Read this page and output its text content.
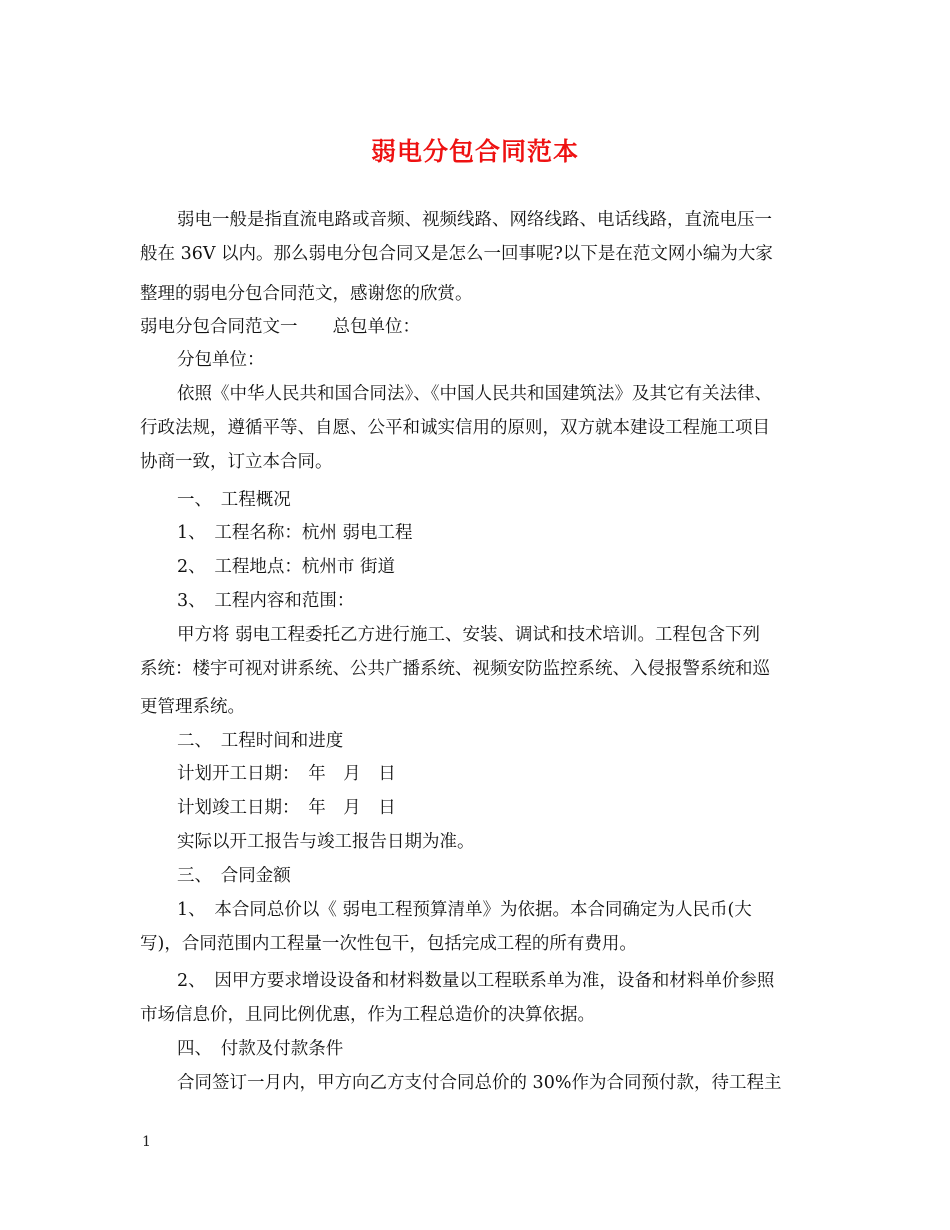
弱电分包合同范本
弱电一般是指直流电路或音频、视频线路、网络线路、电话线路，直流电压一
般在 36V 以内。那么弱电分包合同又是怎么一回事呢?以下是在范文网小编为大家
整理的弱电分包合同范文，感谢您的欣赏。
弱电分包合同范文一　　总包单位：
分包单位：
依照《中华人民共和国合同法》、《中国人民共和国建筑法》及其它有关法律、
行政法规，遵循平等、自愿、公平和诚实信用的原则，双方就本建设工程施工项目
协商一致，订立本合同。
一、　工程概况
1、　工程名称：杭州 弱电工程
2、　工程地点：杭州市 街道
3、　工程内容和范围：
甲方将 弱电工程委托乙方进行施工、安装、调试和技术培训。工程包含下列
系统：楼宇可视对讲系统、公共广播系统、视频安防监控系统、入侵报警系统和巡
更管理系统。
二、　工程时间和进度
计划开工日期：　年　月　日
计划竣工日期：　年　月　日
实际以开工报告与竣工报告日期为准。
三、　合同金额
1、　本合同总价以《 弱电工程预算清单》为依据。本合同确定为人民币(大
写)，合同范围内工程量一次性包干，包括完成工程的所有费用。
2、　因甲方要求增设设备和材料数量以工程联系单为准，设备和材料单价参照
市场信息价，且同比例优惠，作为工程总造价的决算依据。
四、　付款及付款条件
合同签订一月内，甲方向乙方支付合同总价的 30%作为合同预付款，待工程主
1
